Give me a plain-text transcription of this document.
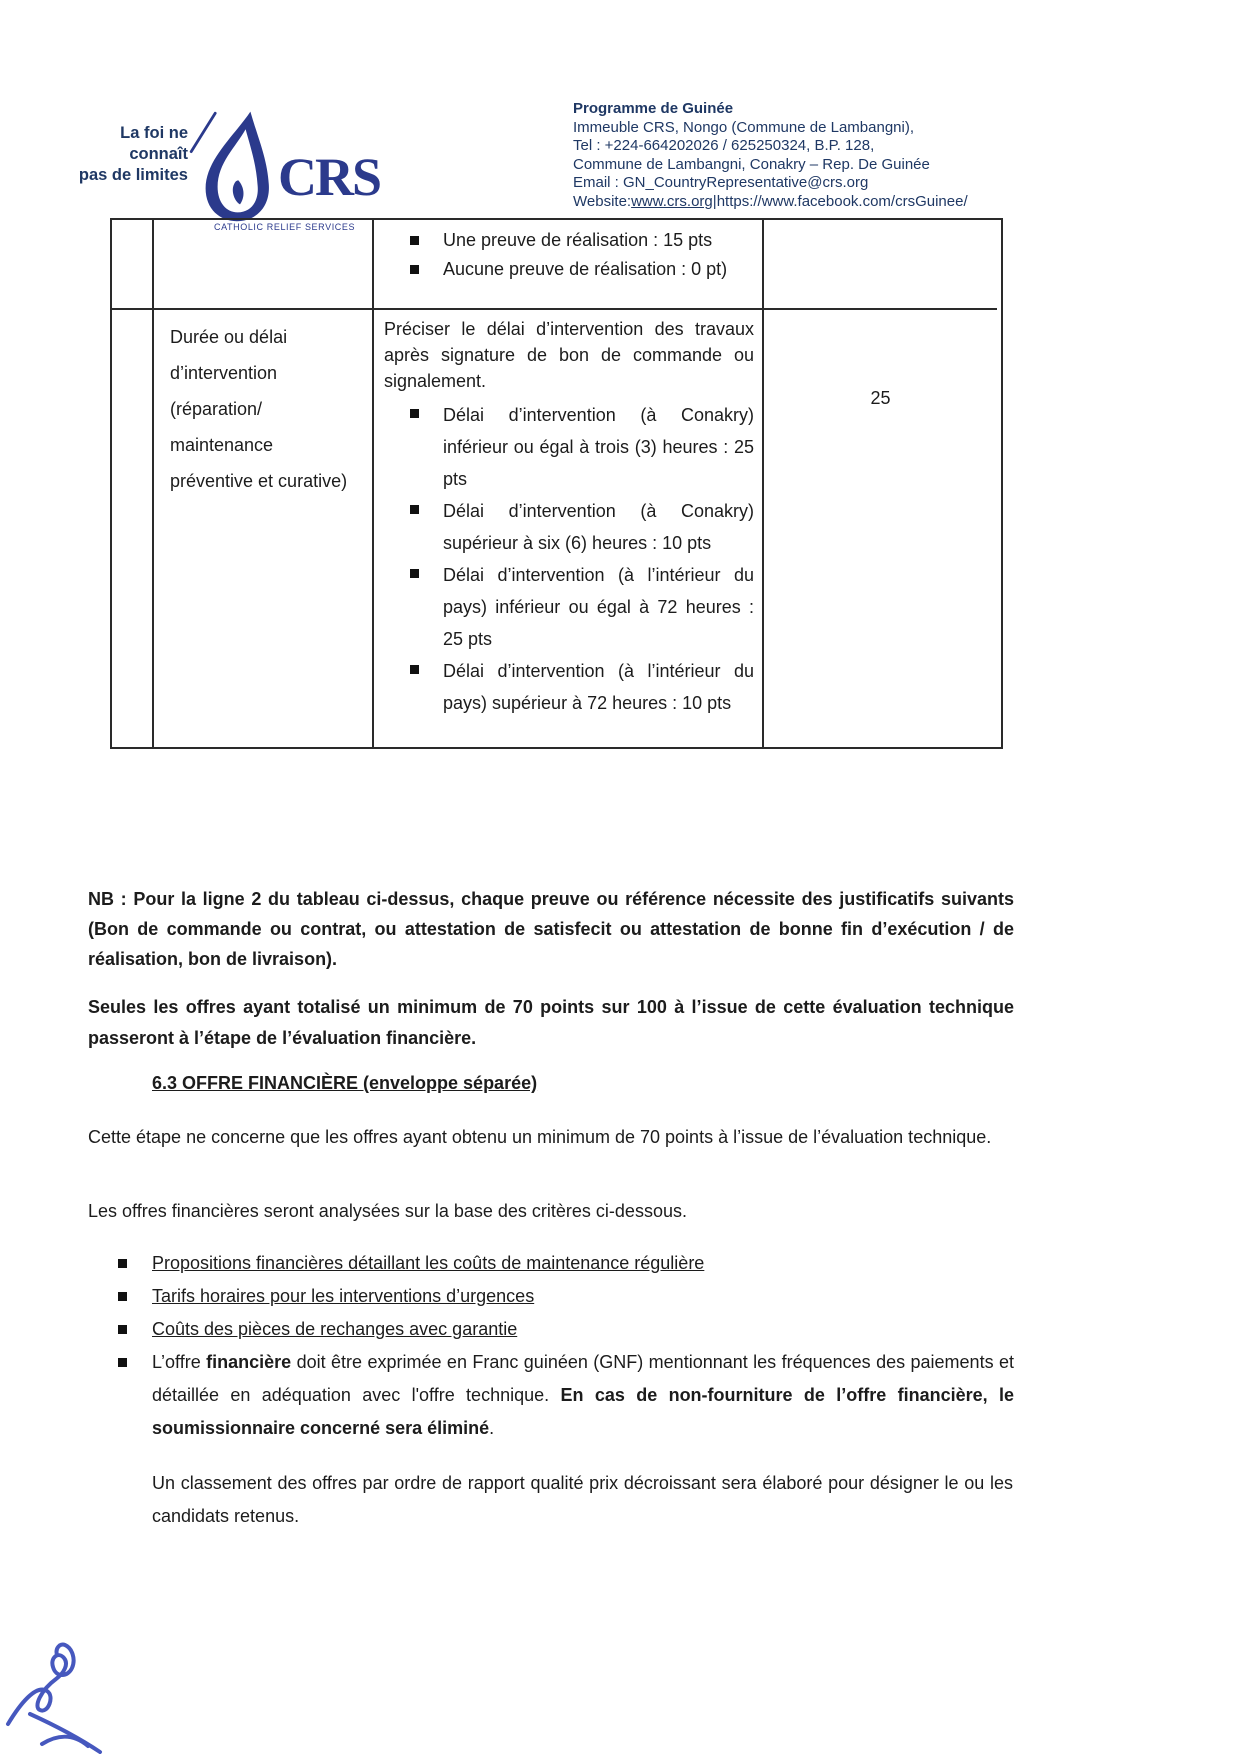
La foi ne connaît
pas de limites CRS
CATHOLIC RELIEF SERVICES
Programme de Guinée
Immeuble CRS, Nongo (Commune de Lambangni),
Tel : +224-664202026 / 625250324, B.P. 128,
Commune de Lambangni, Conakry – Rep. De Guinée
Email : GN_CountryRepresentative@crs.org
Website:www.crs.org|https://www.facebook.com/crsGuinee/
Une preuve de réalisation : 15 pts
Aucune preuve de réalisation : 0 pt)
Durée ou délai d’intervention (réparation/ maintenance préventive et curative)

Préciser le délai d’intervention des travaux après signature de bon de commande ou signalement.

Délai d’intervention (à Conakry) inférieur ou égal à trois (3) heures : 25 pts
Délai d’intervention (à Conakry) supérieur à six (6) heures : 10 pts
Délai d’intervention (à l’intérieur du pays) inférieur ou égal à 72 heures : 25 pts
Délai d’intervention (à l’intérieur du pays) supérieur à 72 heures : 10 pts
25
NB : Pour la ligne 2 du tableau ci-dessus, chaque preuve ou référence nécessite des justificatifs suivants (Bon de commande ou contrat, ou attestation de satisfecit ou attestation de bonne fin d’exécution / de réalisation, bon de livraison).
Seules les offres ayant totalisé un minimum de 70 points sur 100 à l’issue de cette évaluation technique passeront à l’étape de l’évaluation financière.
6.3 OFFRE FINANCIÈRE (enveloppe séparée)
Cette étape ne concerne que les offres ayant obtenu un minimum de 70 points à l’issue de l’évaluation technique.
Les offres financières seront analysées sur la base des critères ci-dessous.
Propositions financières détaillant les coûts de maintenance régulière
Tarifs horaires pour les interventions d’urgences
Coûts des pièces de rechanges avec garantie
L’offre financière doit être exprimée en Franc guinéen (GNF) mentionnant les fréquences des paiements et détaillée en adéquation avec l'offre technique. En cas de non-fourniture de l’offre financière, le soumissionnaire concerné sera éliminé.
Un classement des offres par ordre de rapport qualité prix décroissant sera élaboré pour désigner le ou les candidats retenus.
